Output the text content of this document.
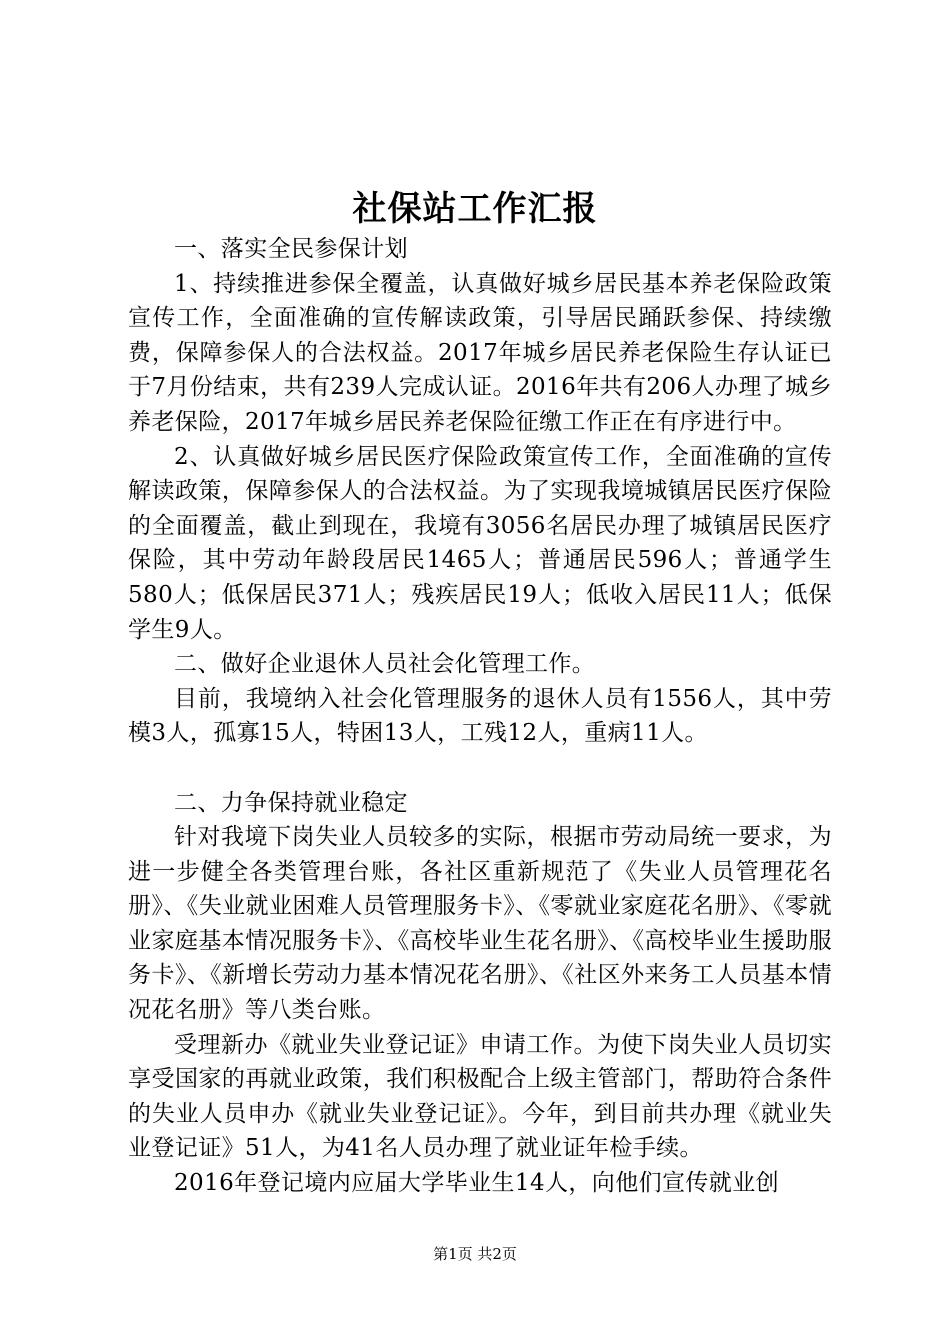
社保站工作汇报

一、落实全民参保计划

1、持续推进参保全覆盖，认真做好城乡居民基本养老保险政策宣传工作，全面准确的宣传解读政策，引导居民踊跃参保、持续缴费，保障参保人的合法权益。2017年城乡居民养老保险生存认证已于7月份结束，共有239人完成认证。2016年共有206人办理了城乡养老保险，2017年城乡居民养老保险征缴工作正在有序进行中。

2、认真做好城乡居民医疗保险政策宣传工作，全面准确的宣传解读政策，保障参保人的合法权益。为了实现我境城镇居民医疗保险的全面覆盖，截止到现在，我境有3056名居民办理了城镇居民医疗保险，其中劳动年龄段居民1465人；普通居民596人；普通学生580人；低保居民371人；残疾居民19人；低收入居民11人；低保学生9人。

二、做好企业退休人员社会化管理工作。

目前，我境纳入社会化管理服务的退休人员有1556人，其中劳模3人，孤寡15人，特困13人，工残12人，重病11人。

二、力争保持就业稳定

针对我境下岗失业人员较多的实际，根据市劳动局统一要求，为进一步健全各类管理台账，各社区重新规范了《失业人员管理花名册》、《失业就业困难人员管理服务卡》、《零就业家庭花名册》、《零就业家庭基本情况服务卡》、《高校毕业生花名册》、《高校毕业生援助服务卡》、《新增长劳动力基本情况花名册》、《社区外来务工人员基本情况花名册》等八类台账。

受理新办《就业失业登记证》申请工作。为使下岗失业人员切实享受国家的再就业政策，我们积极配合上级主管部门，帮助符合条件的失业人员申办《就业失业登记证》。今年，到目前共办理《就业失业登记证》51人，为41名人员办理了就业证年检手续。

2016年登记境内应届大学毕业生14人，向他们宣传就业创

第1页 共2页
